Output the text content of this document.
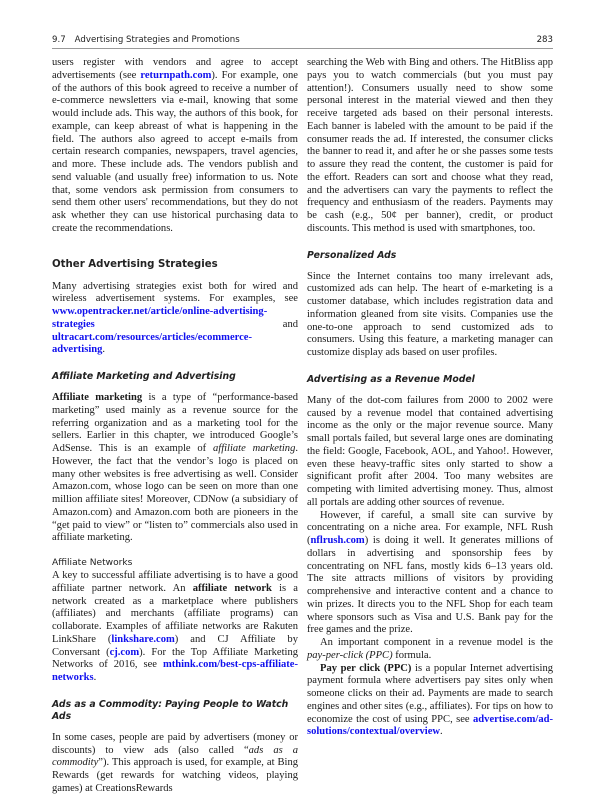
9.7 Advertising Strategies and Promotions	283

users register with vendors and agree to accept advertisements (see returnpath.com). For example, one of the authors of this book agreed to receive a number of e-commerce newsletters via e-mail, knowing that some would include ads. This way, the authors of this book, for example, can keep abreast of what is happening in the field. The authors also agreed to accept e-mails from certain research companies, newspapers, travel agencies, and more. These include ads. The vendors publish and send valuable (and usually free) information to us. Note that, some vendors ask permission from consumers to send them other users' recommendations, but they do not ask whether they can use historical purchasing data to create the recommendations.

Other Advertising Strategies

Many advertising strategies exist both for wired and wireless advertisement systems. For examples, see www.opentracker.net/article/online-advertising-strategies and ultracart.com/resources/articles/ecommerce-advertising.

Affiliate Marketing and Advertising

Affiliate marketing is a type of “performance-based marketing” used mainly as a revenue source for the referring organization and as a marketing tool for the sellers. Earlier in this chapter, we introduced Google’s AdSense. This is an example of affiliate marketing. However, the fact that the vendor’s logo is placed on many other websites is free advertising as well. Consider Amazon.com, whose logo can be seen on more than one million affiliate sites! Moreover, CDNow (a subsidiary of Amazon.com) and Amazon.com both are pioneers in the “get paid to view” or “listen to” commercials also used in affiliate marketing.

Affiliate Networks

A key to successful affiliate advertising is to have a good affiliate partner network. An affiliate network is a network created as a marketplace where publishers (affiliates) and merchants (affiliate programs) can collaborate. Examples of affiliate networks are Rakuten LinkShare (linkshare.com) and CJ Affiliate by Conversant (cj.com). For the Top Affiliate Marketing Networks of 2016, see mthink.com/best-cps-affiliate-networks.

Ads as a Commodity: Paying People to Watch Ads

In some cases, people are paid by advertisers (money or discounts) to view ads (also called “ads as a commodity”). This approach is used, for example, at Bing Rewards (get rewards for watching videos, playing games) at CreationsRewards

searching the Web with Bing and others. The HitBliss app pays you to watch commercials (but you must pay attention!). Consumers usually need to show some personal interest in the material viewed and then they receive targeted ads based on their personal interests. Each banner is labeled with the amount to be paid if the consumer reads the ad. If interested, the consumer clicks the banner to read it, and after he or she passes some tests to assure they read the content, the customer is paid for the effort. Readers can sort and choose what they read, and the advertisers can vary the payments to reflect the frequency and enthusiasm of the readers. Payments may be cash (e.g., 50¢ per banner), credit, or product discounts. This method is used with smartphones, too.

Personalized Ads

Since the Internet contains too many irrelevant ads, customized ads can help. The heart of e-marketing is a customer database, which includes registration data and information gleaned from site visits. Companies use the one-to-one approach to send customized ads to consumers. Using this feature, a marketing manager can customize display ads based on user profiles.

Advertising as a Revenue Model

Many of the dot-com failures from 2000 to 2002 were caused by a revenue model that contained advertising income as the only or the major revenue source. Many small portals failed, but several large ones are dominating the field: Google, Facebook, AOL, and Yahoo!. However, even these heavy-traffic sites only started to show a significant profit after 2004. Too many websites are competing with limited advertising money. Thus, almost all portals are adding other sources of revenue.

However, if careful, a small site can survive by concentrating on a niche area. For example, NFL Rush (nflrush.com) is doing it well. It generates millions of dollars in advertising and sponsorship fees by concentrating on NFL fans, mostly kids 6–13 years old. The site attracts millions of visitors by providing comprehensive and interactive content and a chance to win prizes. It directs you to the NFL Shop for each team where sponsors such as Visa and U.S. Bank pay for the free games and the prize.

An important component in a revenue model is the pay-per-click (PPC) formula.

Pay per click (PPC) is a popular Internet advertising payment formula where advertisers pay sites only when someone clicks on their ad. Payments are made to search engines and other sites (e.g., affiliates). For tips on how to economize the cost of using PPC, see advertise.com/ad-solutions/contextual/overview.
